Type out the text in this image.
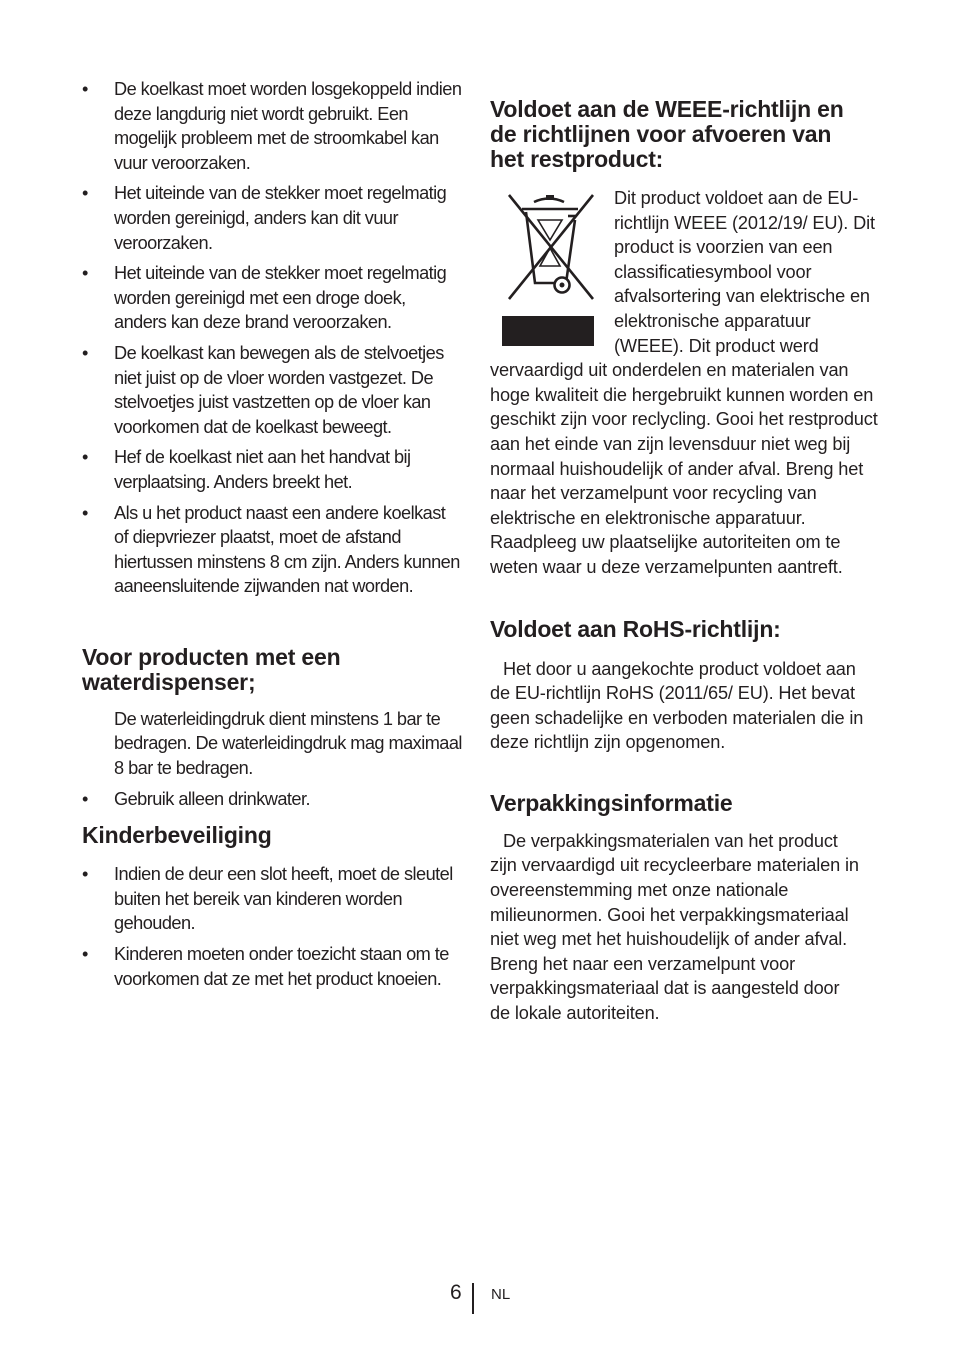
• De koelkast moet worden losgekoppeld indien deze langdurig niet wordt gebruikt. Een mogelijk probleem met de stroomkabel kan vuur veroorzaken.
• Het uiteinde van de stekker moet regelmatig worden gereinigd, anders kan dit vuur veroorzaken.
• Het uiteinde van de stekker moet regelmatig worden gereinigd met een droge doek, anders kan deze brand veroorzaken.
• De koelkast kan bewegen als de stelvoetjes niet juist op de vloer worden vastgezet. De stelvoetjes juist vastzetten op de vloer kan voorkomen dat de koelkast beweegt.
• Hef de koelkast niet aan het handvat bij verplaatsing. Anders breekt het.
• Als u het product naast een andere koelkast of diepvriezer plaatst, moet de afstand hiertussen minstens 8 cm zijn. Anders kunnen aaneensluitende zijwanden nat worden.
Voor producten met een waterdispenser;

De waterleidingdruk dient minstens 1 bar te bedragen. De waterleidingdruk mag maximaal 8 bar te bedragen.

• Gebruik alleen drinkwater.
Kinderbeveiliging
• Indien de deur een slot heeft, moet de sleutel buiten het bereik van kinderen worden gehouden.
• Kinderen moeten onder toezicht staan om te voorkomen dat ze met het product knoeien.
Voldoet aan de WEEE-richtlijn en de richtlijnen voor afvoeren van het restproduct:

Dit product voldoet aan de EU-richtlijn WEEE (2012/19/ EU). Dit product is voorzien van een classificatiesymbool voor afvalsortering van elektrische en elektronische apparatuur (WEEE). Dit product werd vervaardigd uit onderdelen en materialen van hoge kwaliteit die hergebruikt kunnen worden en geschikt zijn voor reclycling. Gooi het restproduct aan het einde van zijn levensduur niet weg bij normaal huishoudelijk of ander afval. Breng het naar het verzamelpunt voor recycling van elektrische en elektronische apparatuur. Raadpleeg uw plaatselijke autoriteiten om te weten waar u deze verzamelpunten aantreft.

Voldoet aan RoHS-richtlijn:

Het door u aangekochte product voldoet aan de EU-richtlijn RoHS (2011/65/ EU). Het bevat geen schadelijke en verboden materialen die in deze richtlijn zijn opgenomen.

Verpakkingsinformatie

De verpakkingsmaterialen van het product zijn vervaardigd uit recycleerbare materialen in overeenstemming met onze nationale milieunormen. Gooi het verpakkingsmateriaal niet weg met het huishoudelijk of ander afval. Breng het naar een verzamelpunt voor verpakkingsmateriaal dat is aangesteld door de lokale autoriteiten.

6 NL
